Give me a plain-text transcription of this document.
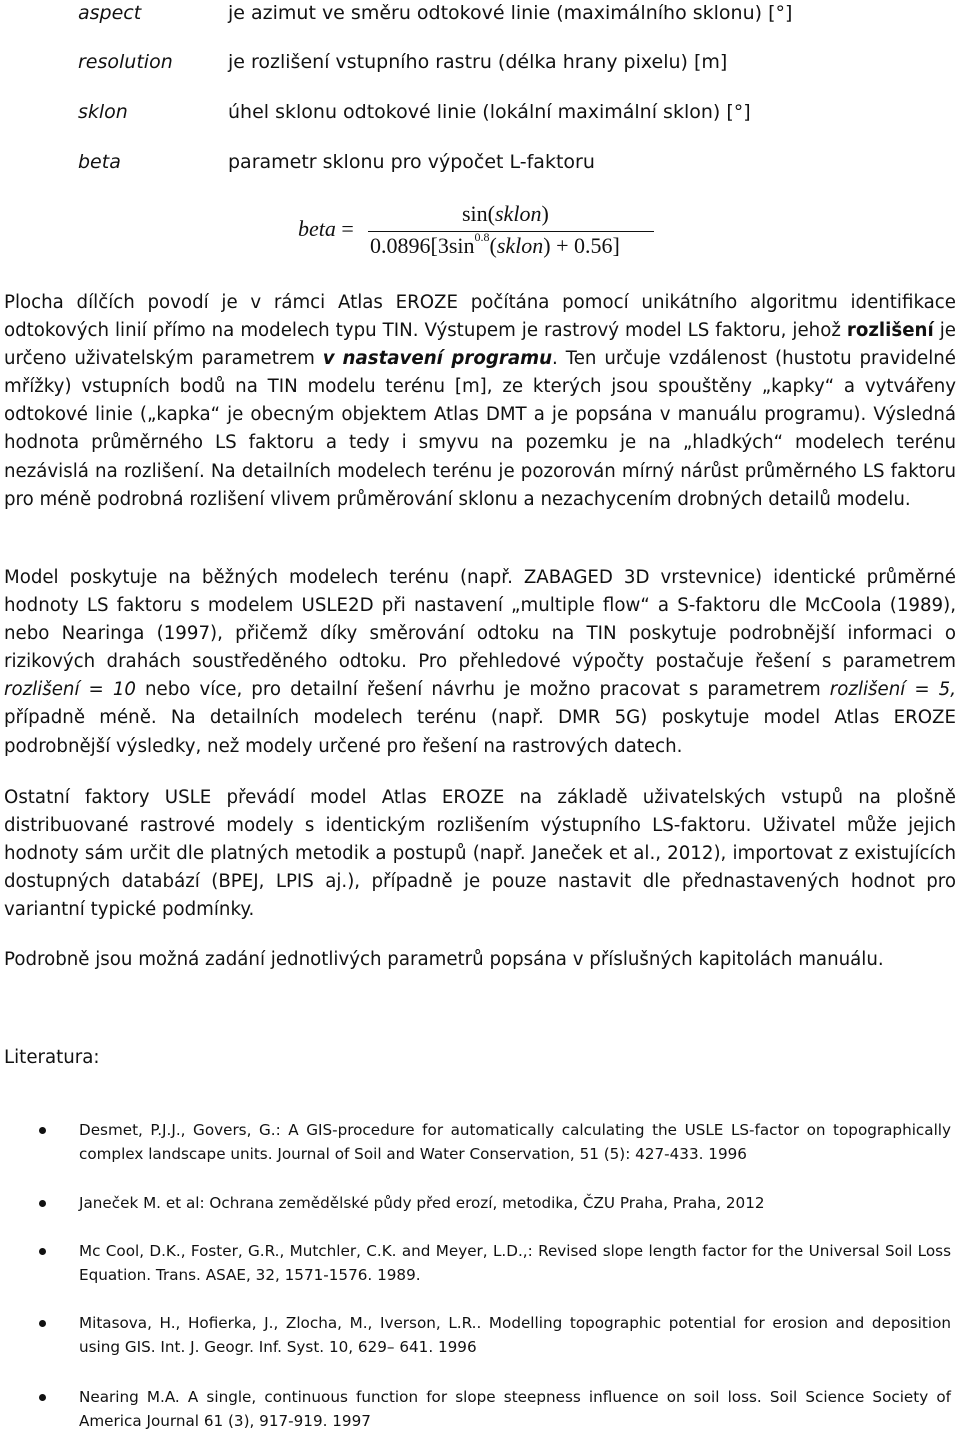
aspect	je azimut ve směru odtokové linie (maximálního sklonu) [°]
resolution	je rozlišení vstupního rastru (délka hrany pixelu) [m]
sklon	úhel sklonu odtokové linie (lokální maximální sklon) [°]
beta	parametr sklonu pro výpočet L-faktoru
beta =
sin(sklon)
$0.0896[3\sin^{0.8}(sklon) + 0.56]$
Plocha dílčích povodí je v rámci Atlas EROZE počítána pomocí unikátního algoritmu identifikace odtokových linií přímo na modelech typu TIN. Výstupem je rastrový model LS faktoru, jehož rozlišení je určeno uživatelským parametrem v nastavení programu. Ten určuje vzdálenost (hustotu pravidelné mřížky) vstupních bodů na TIN modelu terénu [m], ze kterých jsou spouštěny „kapky“ a vytvářeny odtokové linie („kapka“ je obecným objektem Atlas DMT a je popsána v manuálu programu). Výsledná hodnota průměrného LS faktoru a tedy i smyvu na pozemku je na „hladkých“ modelech terénu nezávislá na rozlišení. Na detailních modelech terénu je pozorován mírný nárůst průměrného LS faktoru pro méně podrobná rozlišení vlivem průměrování sklonu a nezachycením drobných detailů modelu.
Model poskytuje na běžných modelech terénu (např. ZABAGED 3D vrstevnice) identické průměrné hodnoty LS faktoru s modelem USLE2D při nastavení „multiple flow“ a S-faktoru dle McCoola (1989), nebo Nearinga (1997), přičemž díky směrování odtoku na TIN poskytuje podrobnější informaci o rizikových drahách soustředěného odtoku. Pro přehledové výpočty postačuje řešení s parametrem rozlišení = 10 nebo více, pro detailní řešení návrhu je možno pracovat s parametrem rozlišení = 5, případně méně. Na detailních modelech terénu (např. DMR 5G) poskytuje model Atlas EROZE podrobnější výsledky, než modely určené pro řešení na rastrových datech.
Ostatní faktory USLE převádí model Atlas EROZE na základě uživatelských vstupů na plošně distribuované rastrové modely s identickým rozlišením výstupního LS-faktoru. Uživatel může jejich hodnoty sám určit dle platných metodik a postupů (např. Janeček et al., 2012), importovat z existujících dostupných databází (BPEJ, LPIS aj.), případně je pouze nastavit dle přednastavených hodnot pro variantní typické podmínky.
Podrobně jsou možná zadání jednotlivých parametrů popsána v příslušných kapitolách manuálu.
Literatura:
Desmet, P.J.J., Govers, G.: A GIS-procedure for automatically calculating the USLE LS-factor on topographically complex landscape units. Journal of Soil and Water Conservation, 51 (5): 427-433. 1996
Janeček M. et al: Ochrana zemědělské půdy před erozí, metodika, ČZU Praha, Praha, 2012
Mc Cool, D.K., Foster, G.R., Mutchler, C.K. and Meyer, L.D.,: Revised slope length factor for the Universal Soil Loss Equation. Trans. ASAE, 32, 1571-1576. 1989.
Mitasova, H., Hofierka, J., Zlocha, M., Iverson, L.R.. Modelling topographic potential for erosion and deposition using GIS. Int. J. Geogr. Inf. Syst. 10, 629– 641. 1996
Nearing M.A. A single, continuous function for slope steepness influence on soil loss. Soil Science Society of America Journal 61 (3), 917-919. 1997
